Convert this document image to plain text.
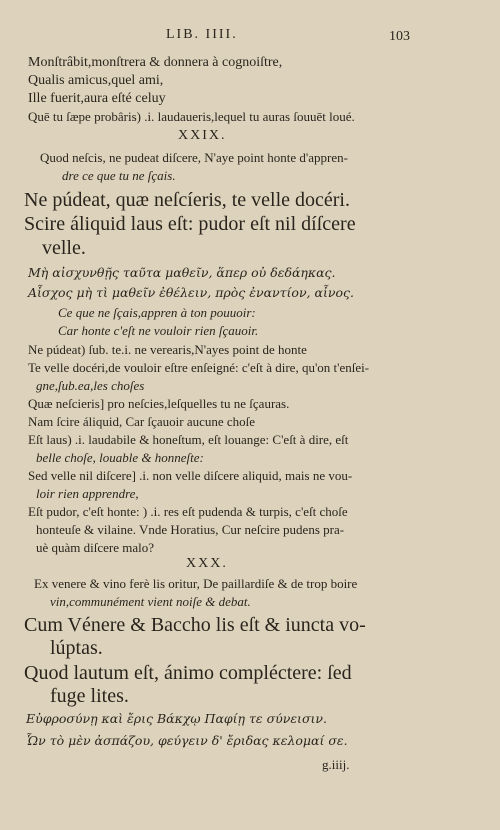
LIB. IIII.	103
Monſtrâbit,monſtrera & donnera à cognoiſtre,
Qualis amicus,quel ami,
Ille fuerit,aura eſté celuy
Quē tu ſæpe probâris) .i. laudaueris,lequel tu auras ſouuēt loué.
XXIX.
Quod neſcis, ne pudeat diſcere, N'aye point honte d'appren-
dre ce que tu ne ſçais.
Ne púdeat, quæ neſcíeris, te velle docéri.
Scire áliquid laus eſt: pudor eſt nil díſcere
velle.
Μὴ αἰσχυνθῇς ταῦτα μαθεῖν, ἅπερ οὐ δεδάηκας.
Αἶσχος μὴ τὶ μαθεῖν ἐθέλειν, πρὸς ἐναντίον, αἶνος.
Ce que ne ſçais,appren à ton pouuoir:
Car honte c'eſt ne vouloir rien ſçauoir.
Ne púdeat) ſub. te.i. ne verearis,N'ayes point de honte
Te velle docéri,de vouloir eſtre enſeigné: c'eſt à dire, qu'on t'enſei-
gne,ſub.ea,les choſes
Quæ neſcieris] pro neſcies,leſquelles tu ne ſçauras.
Nam ſcire áliquid, Car ſçauoir aucune choſe
Eſt laus) .i. laudabile & honeſtum, eſt louange: C'eſt à dire, eſt
belle choſe, louable & honneſte:
Sed velle nil diſcere] .i. non velle diſcere aliquid, mais ne vou-
loir rien apprendre,
Eſt pudor, c'eſt honte: ) .i. res eſt pudenda & turpis, c'eſt choſe
honteuſe & vilaine. Vnde Horatius, Cur neſcire pudens pra-
uè quàm diſcere malo?
XXX.
Ex venere & vino ferè lis oritur, De paillardiſe & de trop boire
vin,communément vient noiſe & debat.
Cum Vénere & Baccho lis eſt & iuncta vo-
lúptas.
Quod lautum eſt, ánimo compléctere: ſed
fuge lites.
Εὐφροσύνῃ καὶ ἔρις Βάκχῳ Παφίῃ τε σύνεισιν.
Ὧν τὸ μὲν ἀσπάζου, φεύγειν δ' ἔριδας κελομαί σε.
g.iiij.
